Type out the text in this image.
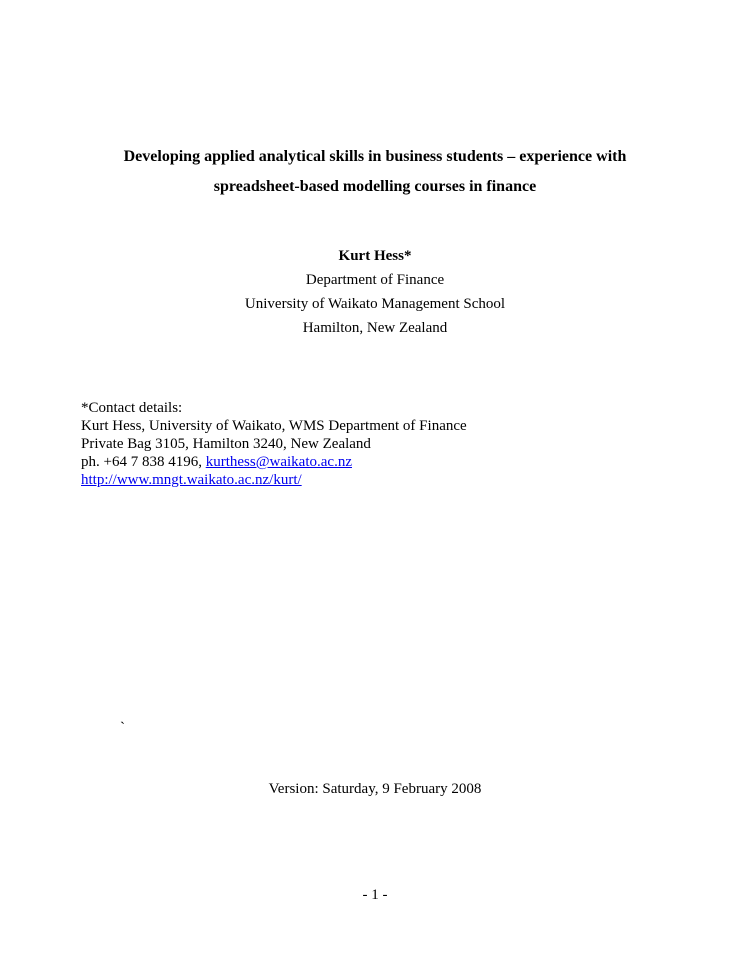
Developing applied analytical skills in business students – experience with
spreadsheet-based modelling courses in finance
Kurt Hess*
Department of Finance
University of Waikato Management School
Hamilton, New Zealand
*Contact details:
Kurt Hess, University of Waikato, WMS Department of Finance
Private Bag 3105, Hamilton 3240, New Zealand
ph. +64 7 838 4196, kurthess@waikato.ac.nz
http://www.mngt.waikato.ac.nz/kurt/
`
Version: Saturday, 9 February 2008
- 1 -
